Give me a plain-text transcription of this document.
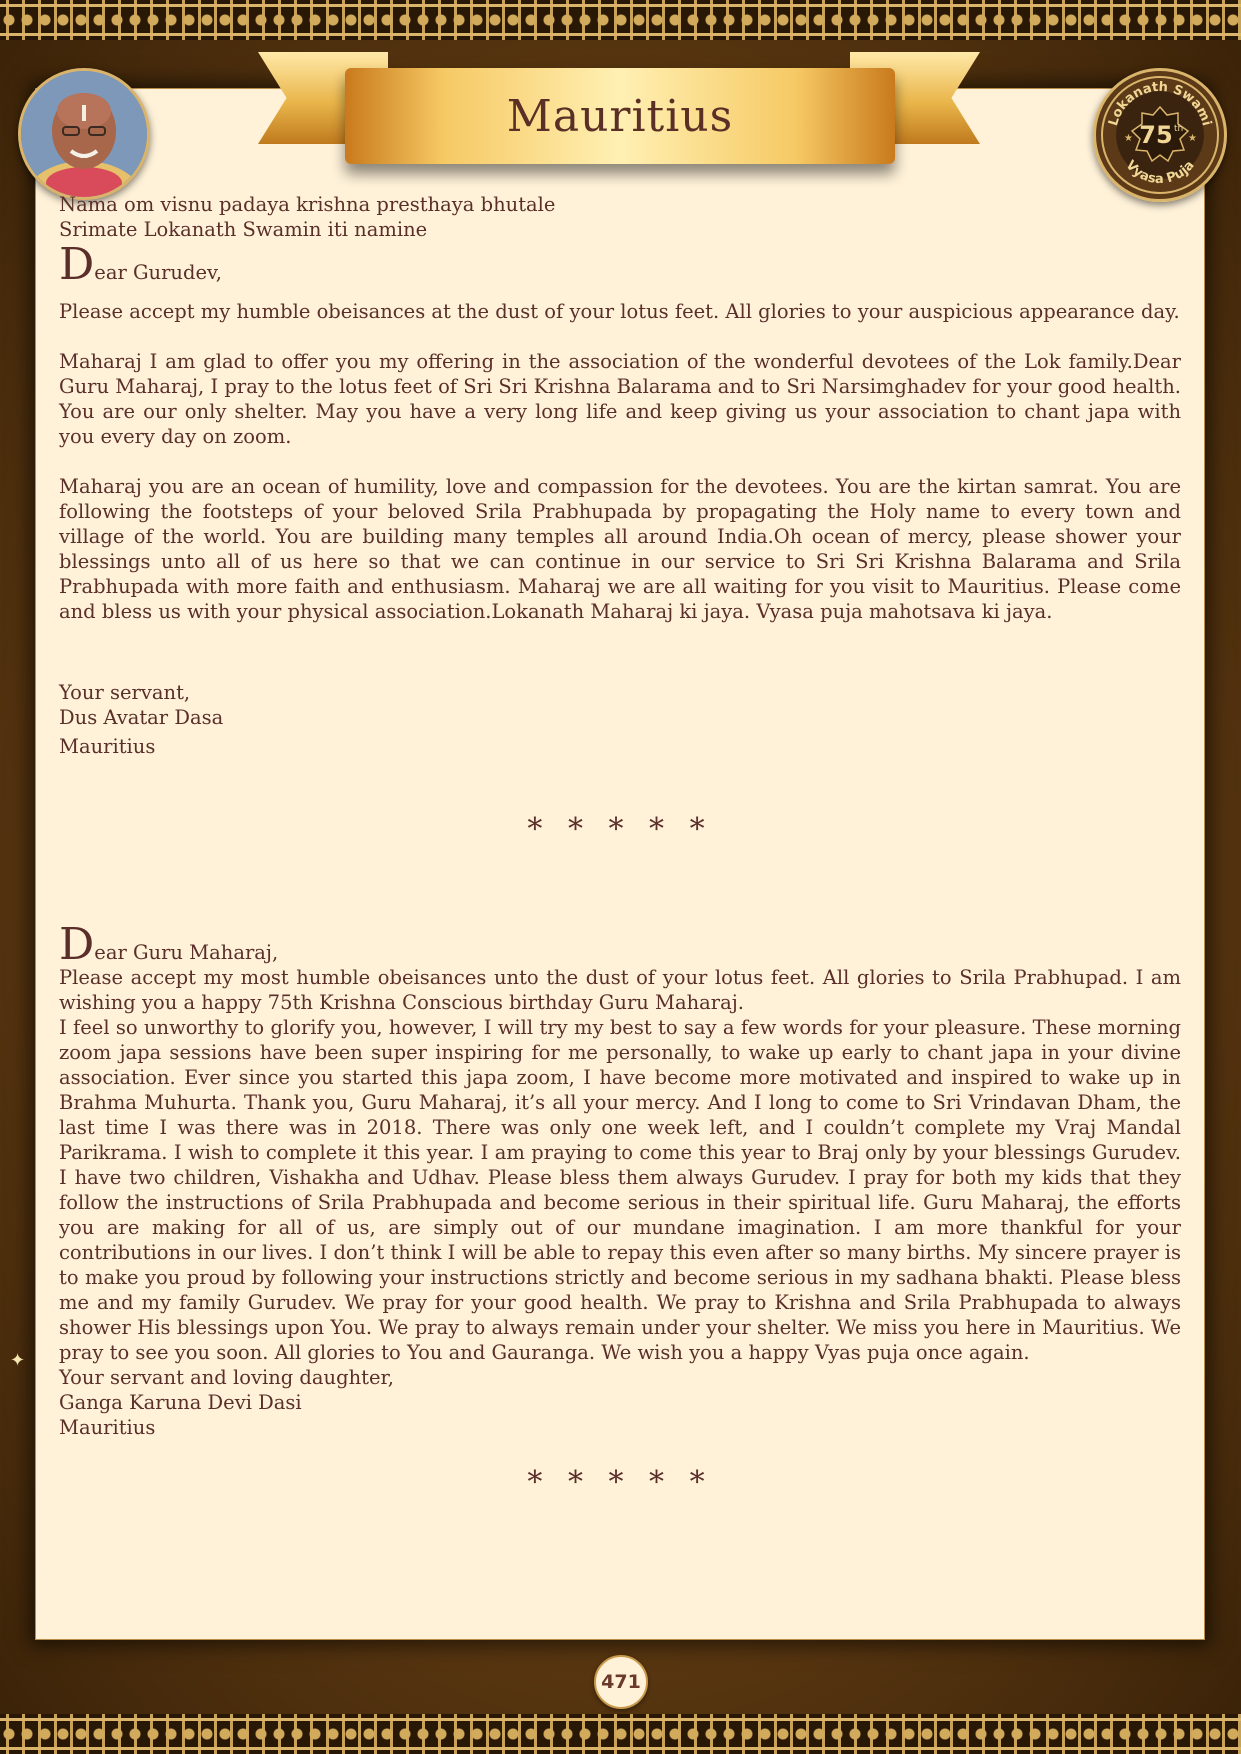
Mauritius	Lokanath Swami
Vyasa Puja
75 th
★	★

Nama om visnu padaya krishna presthaya bhutale

Srimate Lokanath Swamin iti namine

Dear Gurudev,

Please accept my humble obeisances at the dust of your lotus feet. All glories to your auspicious appearance day.

Maharaj I am glad to offer you my offering in the association of the wonderful devotees of the Lok family.Dear Guru Maharaj, I pray to the lotus feet of Sri Sri Krishna Balarama and to Sri Narsimghadev for your good health. You are our only shelter. May you have a very long life and keep giving us your association to chant japa with you every day on zoom.

Maharaj you are an ocean of humility, love and compassion for the devotees. You are the kirtan samrat. You are following the footsteps of your beloved Srila Prabhupada by propagating the Holy name to every town and village of the world. You are building many temples all around India.Oh ocean of mercy, please shower your blessings unto all of us here so that we can continue in our service to Sri Sri Krishna Balarama and Srila Prabhupada with more faith and enthusiasm. Maharaj we are all waiting for you visit to Mauritius. Please come and bless us with your physical association.Lokanath Maharaj ki jaya. Vyasa puja mahotsava ki jaya.

Your servant,

Dus Avatar Dasa

Mauritius

* * * * *

Dear Guru Maharaj,

Please accept my most humble obeisances unto the dust of your lotus feet. All glories to Srila Prabhupad. I am wishing you a happy 75th Krishna Conscious birthday Guru Maharaj.

I feel so unworthy to glorify you, however, I will try my best to say a few words for your pleasure. These morning zoom japa sessions have been super inspiring for me personally, to wake up early to chant japa in your divine association. Ever since you started this japa zoom, I have become more motivated and inspired to wake up in Brahma Muhurta. Thank you, Guru Maharaj, it’s all your mercy. And I long to come to Sri Vrindavan Dham, the last time I was there was in 2018. There was only one week left, and I couldn’t complete my Vraj Mandal Parikrama. I wish to complete it this year. I am praying to come this year to Braj only by your blessings Gurudev. I have two children, Vishakha and Udhav. Please bless them always Gurudev. I pray for both my kids that they follow the instructions of Srila Prabhupada and become serious in their spiritual life. Guru Maharaj, the efforts you are making for all of us, are simply out of our mundane imagination. I am more thankful for your contributions in our lives. I don’t think I will be able to repay this even after so many births. My sincere prayer is to make you proud by following your instructions strictly and become serious in my sadhana bhakti. Please bless me and my family Gurudev. We pray for your good health. We pray to Krishna and Srila Prabhupada to always shower His blessings upon You. We pray to always remain under your shelter. We miss you here in Mauritius. We pray to see you soon. All glories to You and Gauranga. We wish you a happy Vyas puja once again.

Your servant and loving daughter,

Ganga Karuna Devi Dasi

Mauritius

* * * * *

✦
471
